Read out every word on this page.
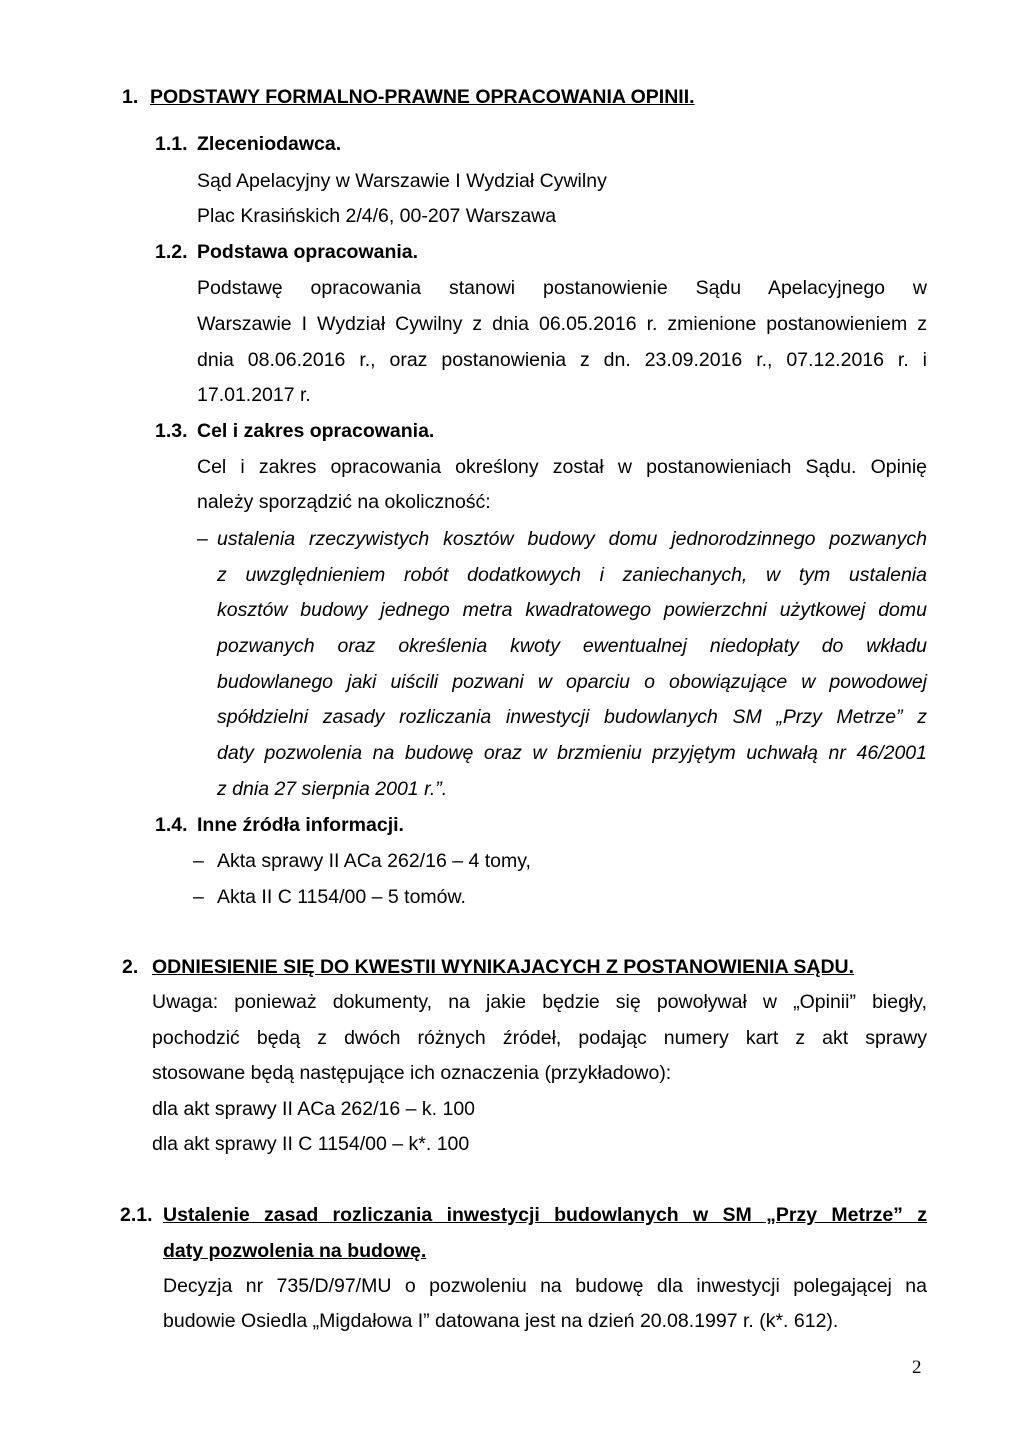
1. PODSTAWY FORMALNO-PRAWNE OPRACOWANIA OPINII.
1.1. Zleceniodawca.
Sąd Apelacyjny w Warszawie I Wydział Cywilny
Plac Krasińskich 2/4/6, 00-207 Warszawa
1.2. Podstawa opracowania.
Podstawę opracowania stanowi postanowienie Sądu Apelacyjnego w
Warszawie I Wydział Cywilny z dnia 06.05.2016 r. zmienione postanowieniem z
dnia 08.06.2016 r., oraz postanowienia z dn. 23.09.2016 r., 07.12.2016 r. i
17.01.2017 r.
1.3. Cel i zakres opracowania.
Cel i zakres opracowania określony został w postanowieniach Sądu. Opinię
należy sporządzić na okoliczność:
– ustalenia rzeczywistych kosztów budowy domu jednorodzinnego pozwanych
z uwzględnieniem robót dodatkowych i zaniechanych, w tym ustalenia
kosztów budowy jednego metra kwadratowego powierzchni użytkowej domu
pozwanych oraz określenia kwoty ewentualnej niedopłaty do wkładu
budowlanego jaki uiścili pozwani w oparciu o obowiązujące w powodowej
spółdzielni zasady rozliczania inwestycji budowlanych SM „Przy Metrze” z
daty pozwolenia na budowę oraz w brzmieniu przyjętym uchwałą nr 46/2001
z dnia 27 sierpnia 2001 r.”.
1.4. Inne źródła informacji.
– Akta sprawy II ACa 262/16 – 4 tomy,
– Akta II C 1154/00 – 5 tomów.
2. ODNIESIENIE SIĘ DO KWESTII WYNIKAJACYCH Z POSTANOWIENIA SĄDU.
Uwaga: ponieważ dokumenty, na jakie będzie się powoływał w „Opinii” biegły,
pochodzić będą z dwóch różnych źródeł, podając numery kart z akt sprawy
stosowane będą następujące ich oznaczenia (przykładowo):
dla akt sprawy II ACa 262/16 – k. 100
dla akt sprawy II C 1154/00 – k*. 100
2.1. Ustalenie zasad rozliczania inwestycji budowlanych w SM „Przy Metrze” z
daty pozwolenia na budowę.
Decyzja nr 735/D/97/MU o pozwoleniu na budowę dla inwestycji polegającej na
budowie Osiedla „Migdałowa I” datowana jest na dzień 20.08.1997 r. (k*. 612).
2
